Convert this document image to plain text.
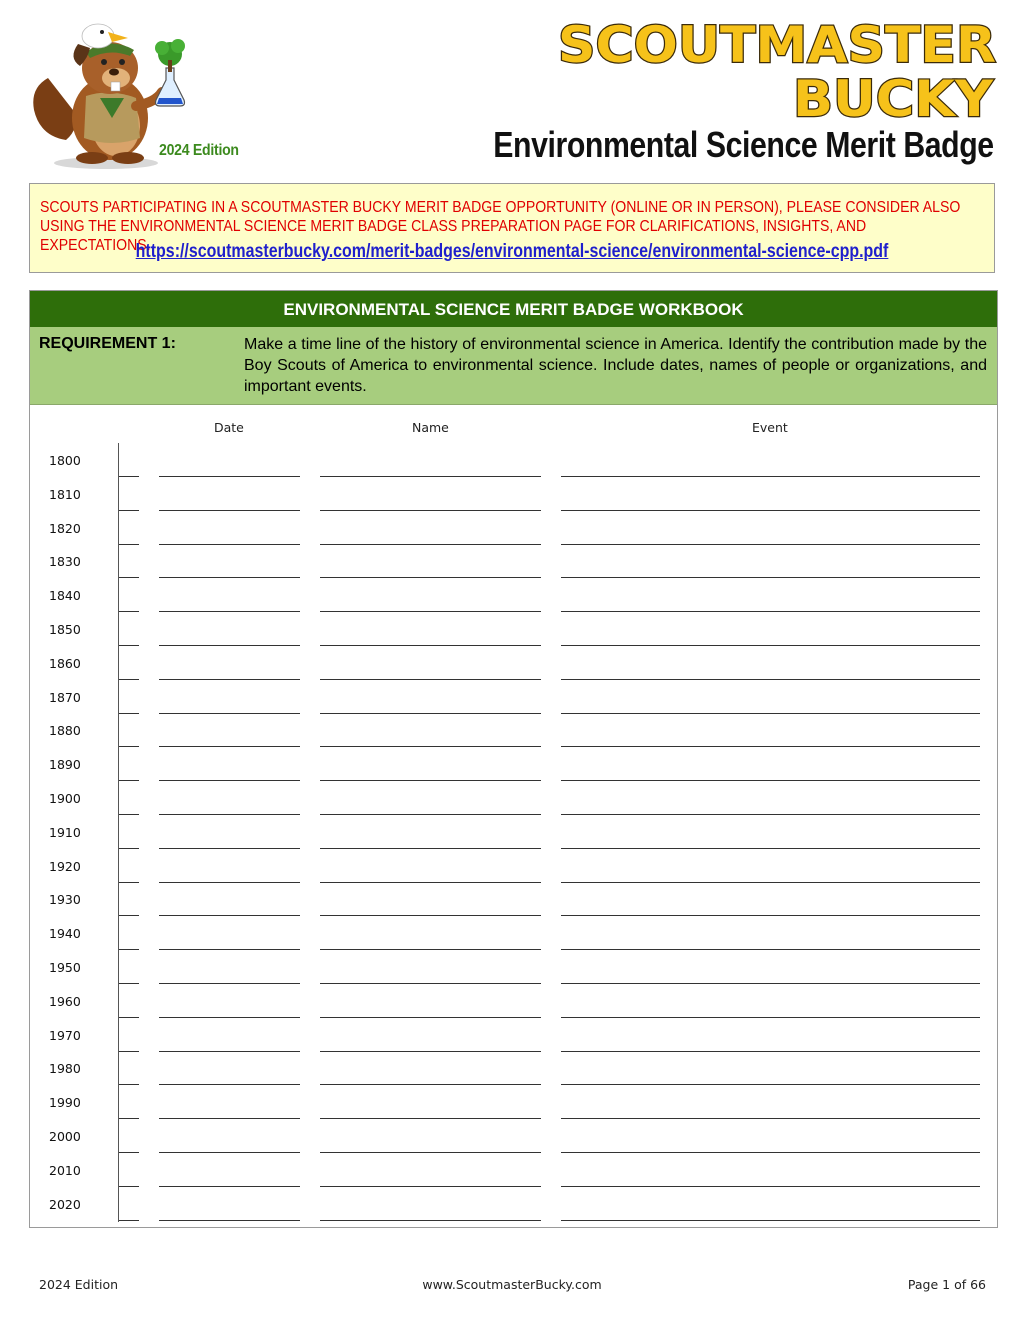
2024 Edition
SCOUTMASTER
BUCKY
Environmental Science Merit Badge
SCOUTS PARTICIPATING IN A SCOUTMASTER BUCKY MERIT BADGE OPPORTUNITY (ONLINE OR IN PERSON), PLEASE CONSIDER ALSO USING THE ENVIRONMENTAL SCIENCE MERIT BADGE CLASS PREPARATION PAGE FOR CLARIFICATIONS, INSIGHTS, AND EXPECTATIONS.
https://scoutmasterbucky.com/merit-badges/environmental-science/environmental-science-cpp.pdf
ENVIRONMENTAL SCIENCE MERIT BADGE WORKBOOK
REQUIREMENT 1:	Make a time line of the history of environmental science in America. Identify the contribution made by the Boy Scouts of America to environmental science. Include dates, names of people or organizations, and important events.
Date	Name	Event
1800
1810
1820
1830
1840
1850
1860
1870
1880
1890
1900
1910
1920
1930
1940
1950
1960
1970
1980
1990
2000
2010
2020
2024 Edition	www.ScoutmasterBucky.com	Page 1 of 66
